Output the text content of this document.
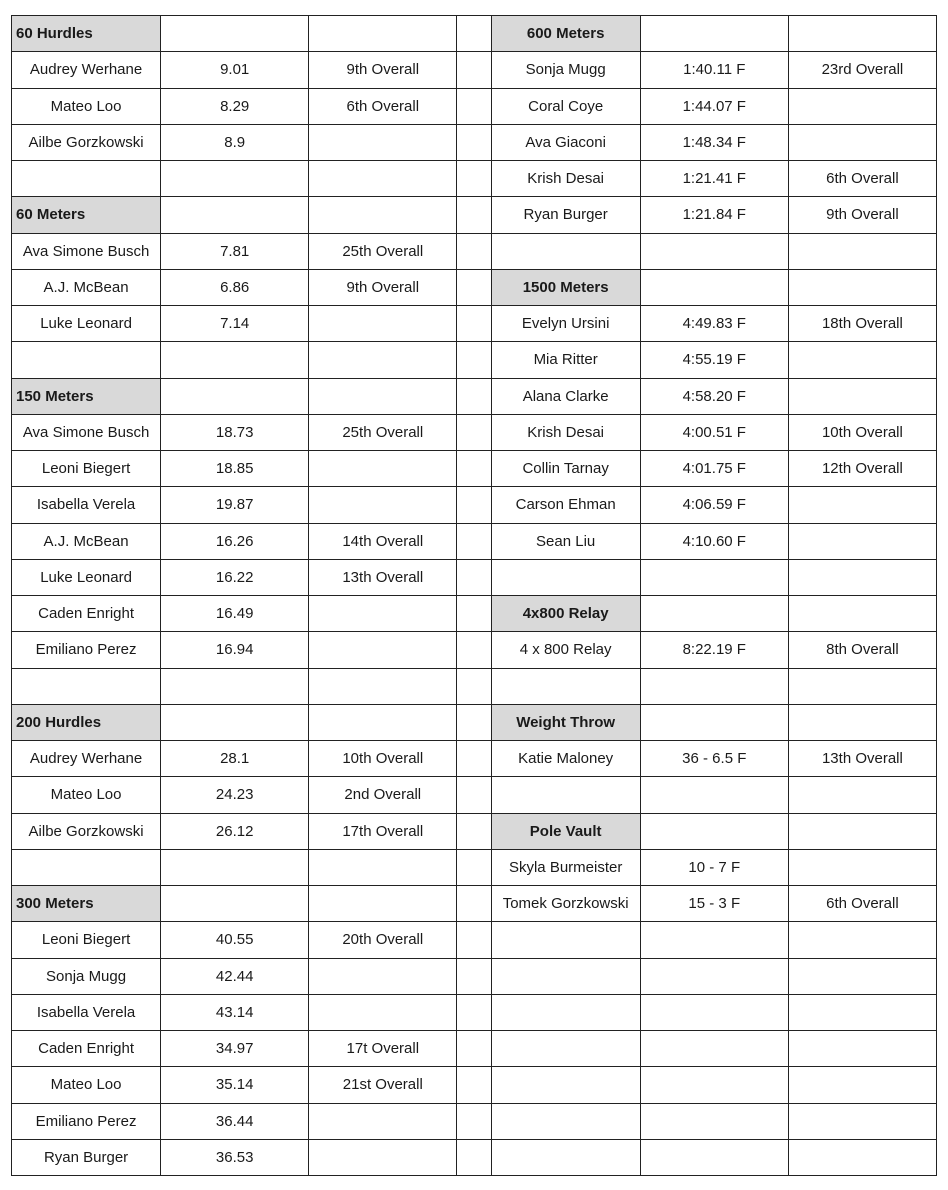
60 Hurdles				600 Meters		
Audrey Werhane	9.01	9th Overall		Sonja Mugg	1:40.11 F	23rd Overall
Mateo Loo	8.29	6th Overall		Coral Coye	1:44.07 F	
Ailbe Gorzkowski	8.9			Ava Giaconi	1:48.34 F	
				Krish Desai	1:21.41 F	6th Overall
60 Meters				Ryan Burger	1:21.84 F	9th Overall
Ava Simone Busch	7.81	25th Overall				
A.J. McBean	6.86	9th Overall		1500 Meters		
Luke Leonard	7.14			Evelyn Ursini	4:49.83 F	18th Overall
				Mia Ritter	4:55.19 F	
150 Meters				Alana Clarke	4:58.20 F	
Ava Simone Busch	18.73	25th Overall		Krish Desai	4:00.51 F	10th Overall
Leoni Biegert	18.85			Collin Tarnay	4:01.75 F	12th Overall
Isabella Verela	19.87			Carson Ehman	4:06.59 F	
A.J. McBean	16.26	14th Overall		Sean Liu	4:10.60 F	
Luke Leonard	16.22	13th Overall				
Caden Enright	16.49			4x800 Relay		
Emiliano Perez	16.94			4 x 800 Relay	8:22.19 F	8th Overall

200 Hurdles				Weight Throw		
Audrey Werhane	28.1	10th Overall		Katie Maloney	36 - 6.5 F	13th Overall
Mateo Loo	24.23	2nd Overall				
Ailbe Gorzkowski	26.12	17th Overall		Pole Vault		
				Skyla Burmeister	10 - 7 F	
300 Meters				Tomek Gorzkowski	15 - 3 F	6th Overall
Leoni Biegert	40.55	20th Overall				
Sonja Mugg	42.44					
Isabella Verela	43.14					
Caden Enright	34.97	17t Overall				
Mateo Loo	35.14	21st Overall				
Emiliano Perez	36.44					
Ryan Burger	36.53					
